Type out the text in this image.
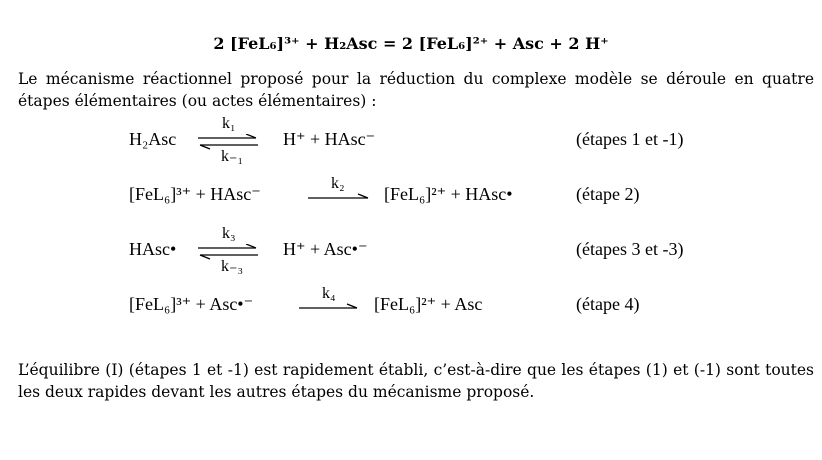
2 [FeL₆]³⁺ + H₂Asc = 2 [FeL₆]²⁺ + Asc + 2 H⁺
Le mécanisme réactionnel proposé pour la réduction du complexe modèle se déroule en quatre étapes élémentaires (ou actes élémentaires) :
H₂Asc
k₁
k₋₁
H⁺ + HAsc⁻	(étapes 1 et -1)
[FeL₆]³⁺ + HAsc⁻
k₂
[FeL₆]²⁺ + HAsc•	(étape 2)
HAsc•
k₃
k₋₃
H⁺ + Asc•⁻	(étapes 3 et -3)
[FeL₆]³⁺ + Asc•⁻
k₄
[FeL₆]²⁺ + Asc	(étape 4)
L’équilibre (I) (étapes 1 et -1) est rapidement établi, c’est-à-dire que les étapes (1) et (-1) sont toutes les deux rapides devant les autres étapes du mécanisme proposé.
